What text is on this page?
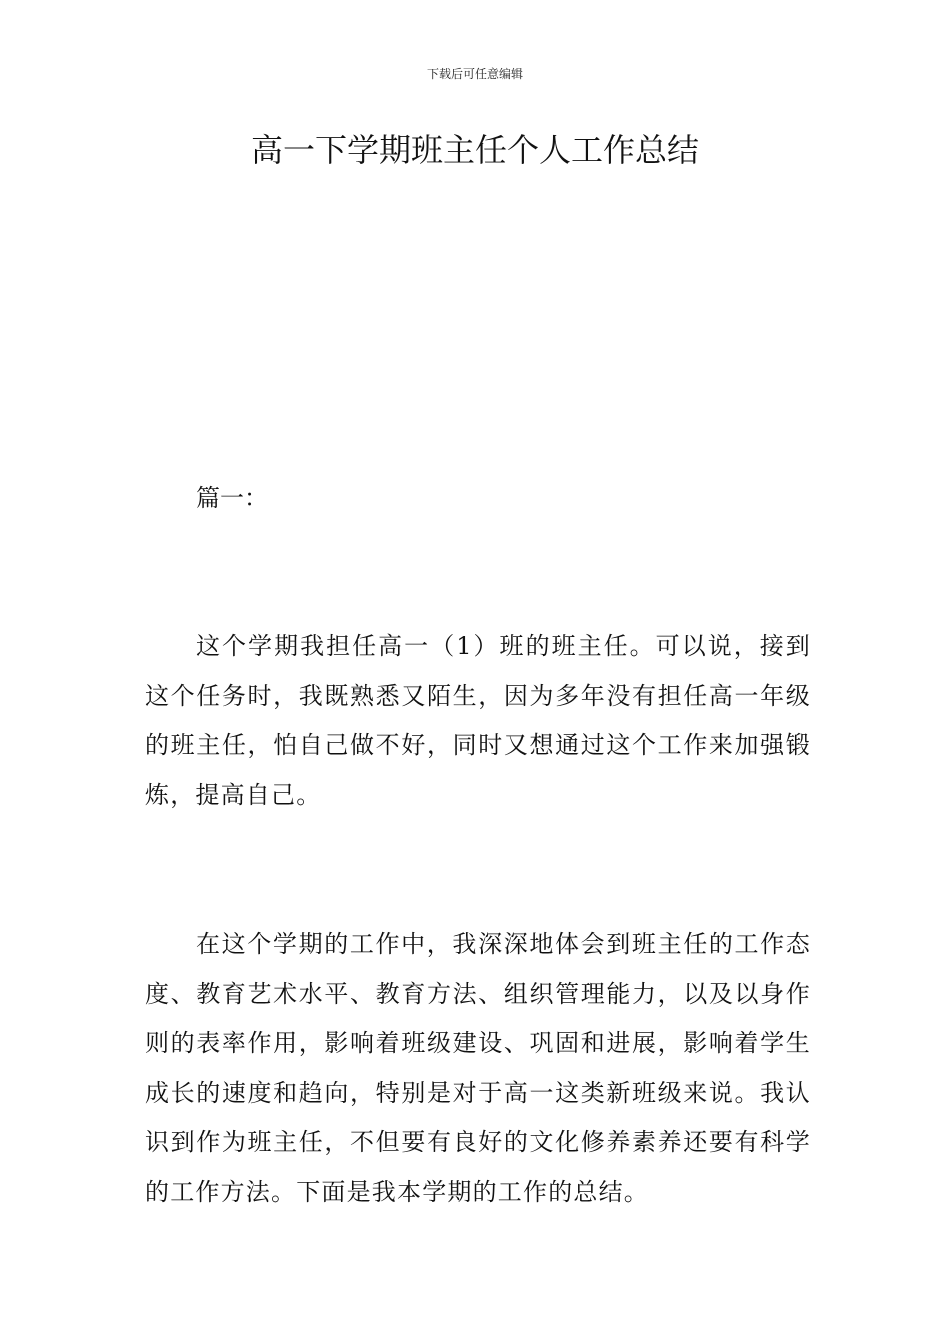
下载后可任意编辑
高一下学期班主任个人工作总结

篇一：

这个学期我担任高一（1）班的班主任。可以说，接到这个任务时，我既熟悉又陌生，因为多年没有担任高一年级的班主任，怕自己做不好，同时又想通过这个工作来加强锻炼，提高自己。

在这个学期的工作中，我深深地体会到班主任的工作态度、教育艺术水平、教育方法、组织管理能力，以及以身作则的表率作用，影响着班级建设、巩固和进展，影响着学生成长的速度和趋向，特别是对于高一这类新班级来说。我认识到作为班主任，不但要有良好的文化修养素养还要有科学的工作方法。下面是我本学期的工作的总结。
